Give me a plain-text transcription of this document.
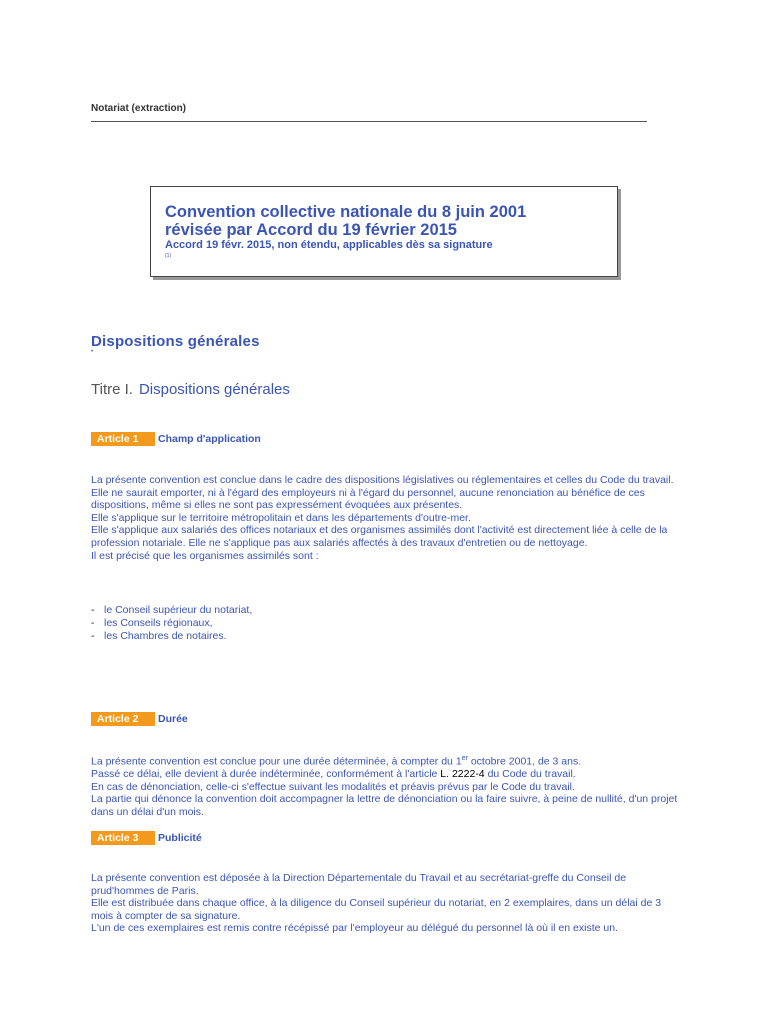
Notariat (extraction)
Convention collective nationale du 8 juin 2001
révisée par Accord du 19 février 2015
Accord 19 févr. 2015, non étendu, applicables dès sa signature
(1)
Dispositions générales
•
Titre I. Dispositions générales
Article 1 Champ d'application

La présente convention est conclue dans le cadre des dispositions législatives ou réglementaires et celles du Code du travail.

Elle ne saurait emporter, ni à l'égard des employeurs ni à l'égard du personnel, aucune renonciation au bénéfice de ces dispositions, même si elles ne sont pas expressément évoquées aux présentes.

Elle s'applique sur le territoire métropolitain et dans les départements d'outre-mer.

Elle s'applique aux salariés des offices notariaux et des organismes assimilés dont l'activité est directement liée à celle de la profession notariale. Elle ne s'applique pas aux salariés affectés à des travaux d'entretien ou de nettoyage.

Il est précisé que les organismes assimilés sont :

- le Conseil supérieur du notariat,
- les Conseils régionaux,
- les Chambres de notaires.
Article 2 Durée

La présente convention est conclue pour une durée déterminée, à compter du 1er octobre 2001, de 3 ans.

Passé ce délai, elle devient à durée indéterminée, conformément à l'article L. 2222-4 du Code du travail.

En cas de dénonciation, celle-ci s'effectue suivant les modalités et préavis prévus par le Code du travail.

La partie qui dénonce la convention doit accompagner la lettre de dénonciation ou la faire suivre, à peine de nullité, d'un projet dans un délai d'un mois.

Article 3 Publicité

La présente convention est déposée à la Direction Départementale du Travail et au secrétariat-greffe du Conseil de prud'hommes de Paris.

Elle est distribuée dans chaque office, à la diligence du Conseil supérieur du notariat, en 2 exemplaires, dans un délai de 3 mois à compter de sa signature.

L'un de ces exemplaires est remis contre récépissé par l'employeur au délégué du personnel là où il en existe un.
